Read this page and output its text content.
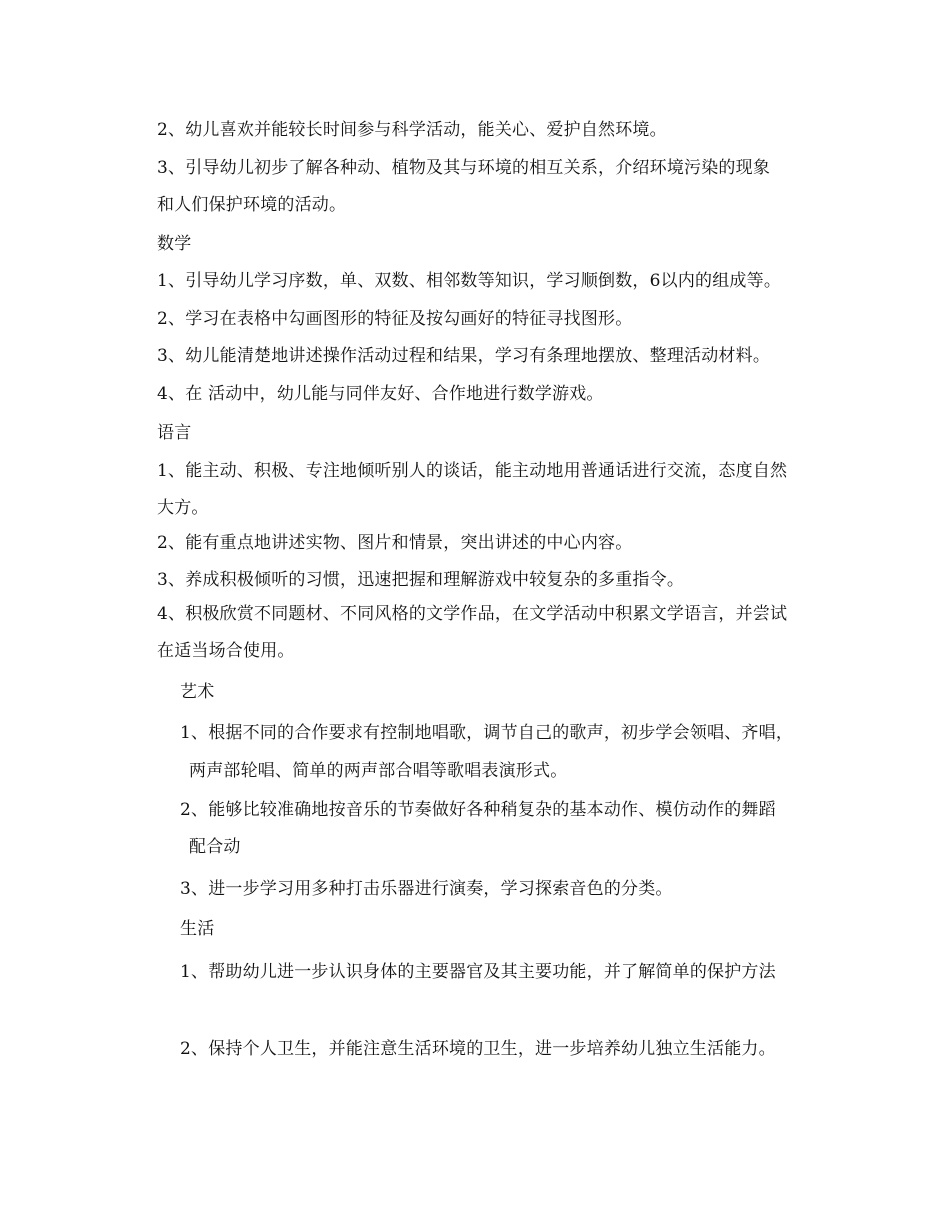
2、幼儿喜欢并能较长时间参与科学活动，能关心、爱护自然环境。
3、引导幼儿初步了解各种动、植物及其与环境的相互关系，介绍环境污染的现象
和人们保护环境的活动。
数学
1、引导幼儿学习序数，单、双数、相邻数等知识，学习顺倒数，6以内的组成等。
2、学习在表格中勾画图形的特征及按勾画好的特征寻找图形。
3、幼儿能清楚地讲述操作活动过程和结果，学习有条理地摆放、整理活动材料。
4、在 活动中，幼儿能与同伴友好、合作地进行数学游戏。
语言
1、能主动、积极、专注地倾听别人的谈话，能主动地用普通话进行交流，态度自然
大方。
2、能有重点地讲述实物、图片和情景，突出讲述的中心内容。
3、养成积极倾听的习惯，迅速把握和理解游戏中较复杂的多重指令。
4、积极欣赏不同题材、不同风格的文学作品，在文学活动中积累文学语言，并尝试
在适当场合使用。
艺术
1、根据不同的合作要求有控制地唱歌，调节自己的歌声，初步学会领唱、齐唱，
两声部轮唱、简单的两声部合唱等歌唱表演形式。
2、能够比较准确地按音乐的节奏做好各种稍复杂的基本动作、模仿动作的舞蹈
配合动
3、进一步学习用多种打击乐器进行演奏，学习探索音色的分类。
生活
1、帮助幼儿进一步认识身体的主要器官及其主要功能，并了解简单的保护方法
2、保持个人卫生，并能注意生活环境的卫生，进一步培养幼儿独立生活能力。
